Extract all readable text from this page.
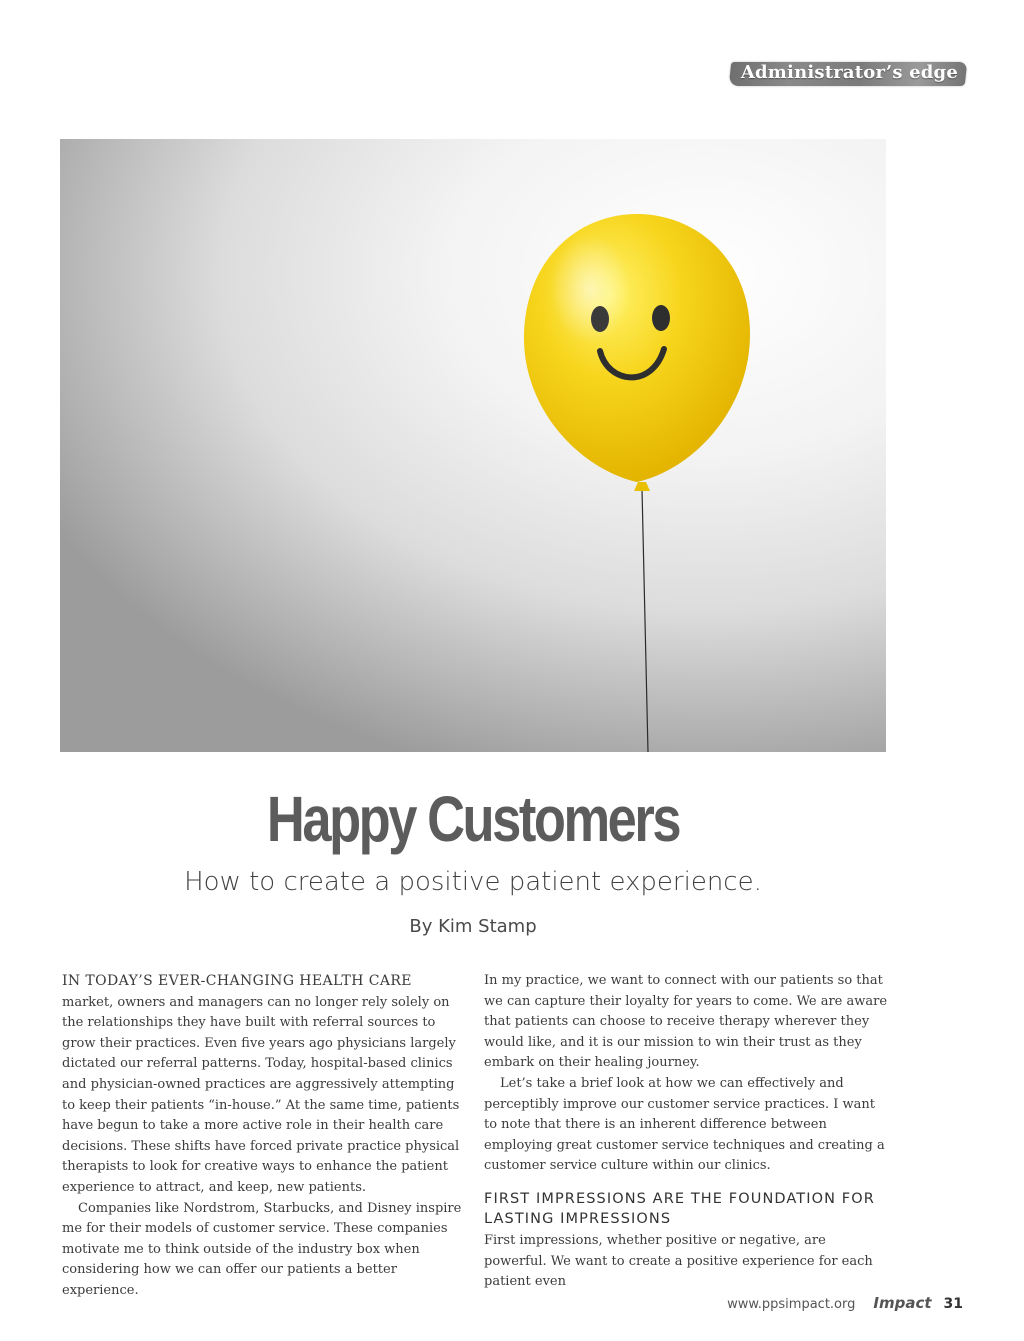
Administrator’s edge
Happy Customers

How to create a positive patient experience.

By Kim Stamp

IN TODAY’S EVER-CHANGING HEALTH CARE
market, owners and managers can no longer rely solely on the relationships they have built with referral sources to grow their practices. Even five years ago physicians largely dictated our referral patterns. Today, hospital-based clinics and physician-owned practices are aggressively attempting to keep their patients “in-house.” At the same time, patients have begun to take a more active role in their health care decisions. These shifts have forced private practice physical therapists to look for creative ways to enhance the patient experience to attract, and keep, new patients.

Companies like Nordstrom, Starbucks, and Disney inspire me for their models of customer service. These companies motivate me to think outside of the industry box when considering how we can offer our patients a better experience.

In my practice, we want to connect with our patients so that we can capture their loyalty for years to come. We are aware that patients can choose to receive therapy wherever they would like, and it is our mission to win their trust as they embark on their healing journey.

Let’s take a brief look at how we can effectively and perceptibly improve our customer service practices. I want to note that there is an inherent difference between employing great customer service techniques and creating a customer service culture within our clinics.

FIRST IMPRESSIONS ARE THE FOUNDATION FOR LASTING IMPRESSIONS

First impressions, whether positive or negative, are powerful. We want to create a positive experience for each patient even

www.ppsimpact.org Impact 31
